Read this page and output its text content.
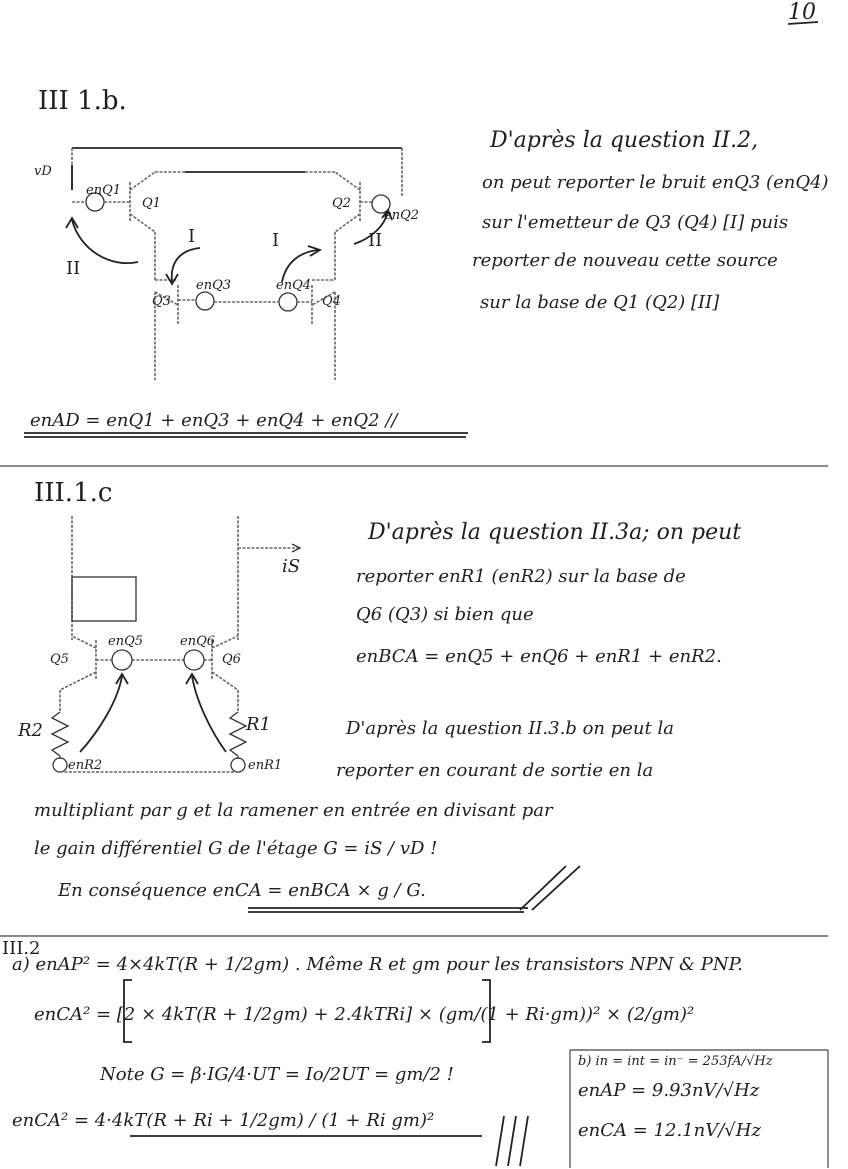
10
III 1.b.
vD
enQ1
Q1	Q2
enQ2
I	I	II
II
enQ3	enQ4
Q3	Q4
D'après la question II.2,
on peut reporter le bruit enQ3 (enQ4)
sur l'emetteur de Q3 (Q4) [I] puis
reporter de nouveau cette source
sur la base de Q1 (Q2) [II]
enAD = enQ1 + enQ3 + enQ4 + enQ2 //
III.1.c
iS
enQ5	enQ6
Q5	Q6
R2	R1
enR2	enR1
D'après la question II.3a; on peut
reporter enR1 (enR2) sur la base de
Q6 (Q3) si bien que
enBCA = enQ5 + enQ6 + enR1 + enR2.
D'après la question II.3.b on peut la
reporter en courant de sortie en la
multipliant par g et la ramener en entrée en divisant par
le gain différentiel G de l'étage G = iS / vD !
En conséquence enCA = enBCA × g / G.
III.2
a) enAP² = 4×4kT(R + 1/2gm) . Même R et gm pour les transistors NPN & PNP.
enCA² = [2 × 4kT(R + 1/2gm) + 2.4kTRi] × (gm/(1 + Ri·gm))² × (2/gm)²
Note G = β·IG/4·UT = Io/2UT = gm/2 !
enCA² = 4·4kT(R + Ri + 1/2gm) / (1 + Ri gm)²
b) in = int = in⁻ = 253fA/√Hz
enAP = 9.93nV/√Hz
enCA = 12.1nV/√Hz
